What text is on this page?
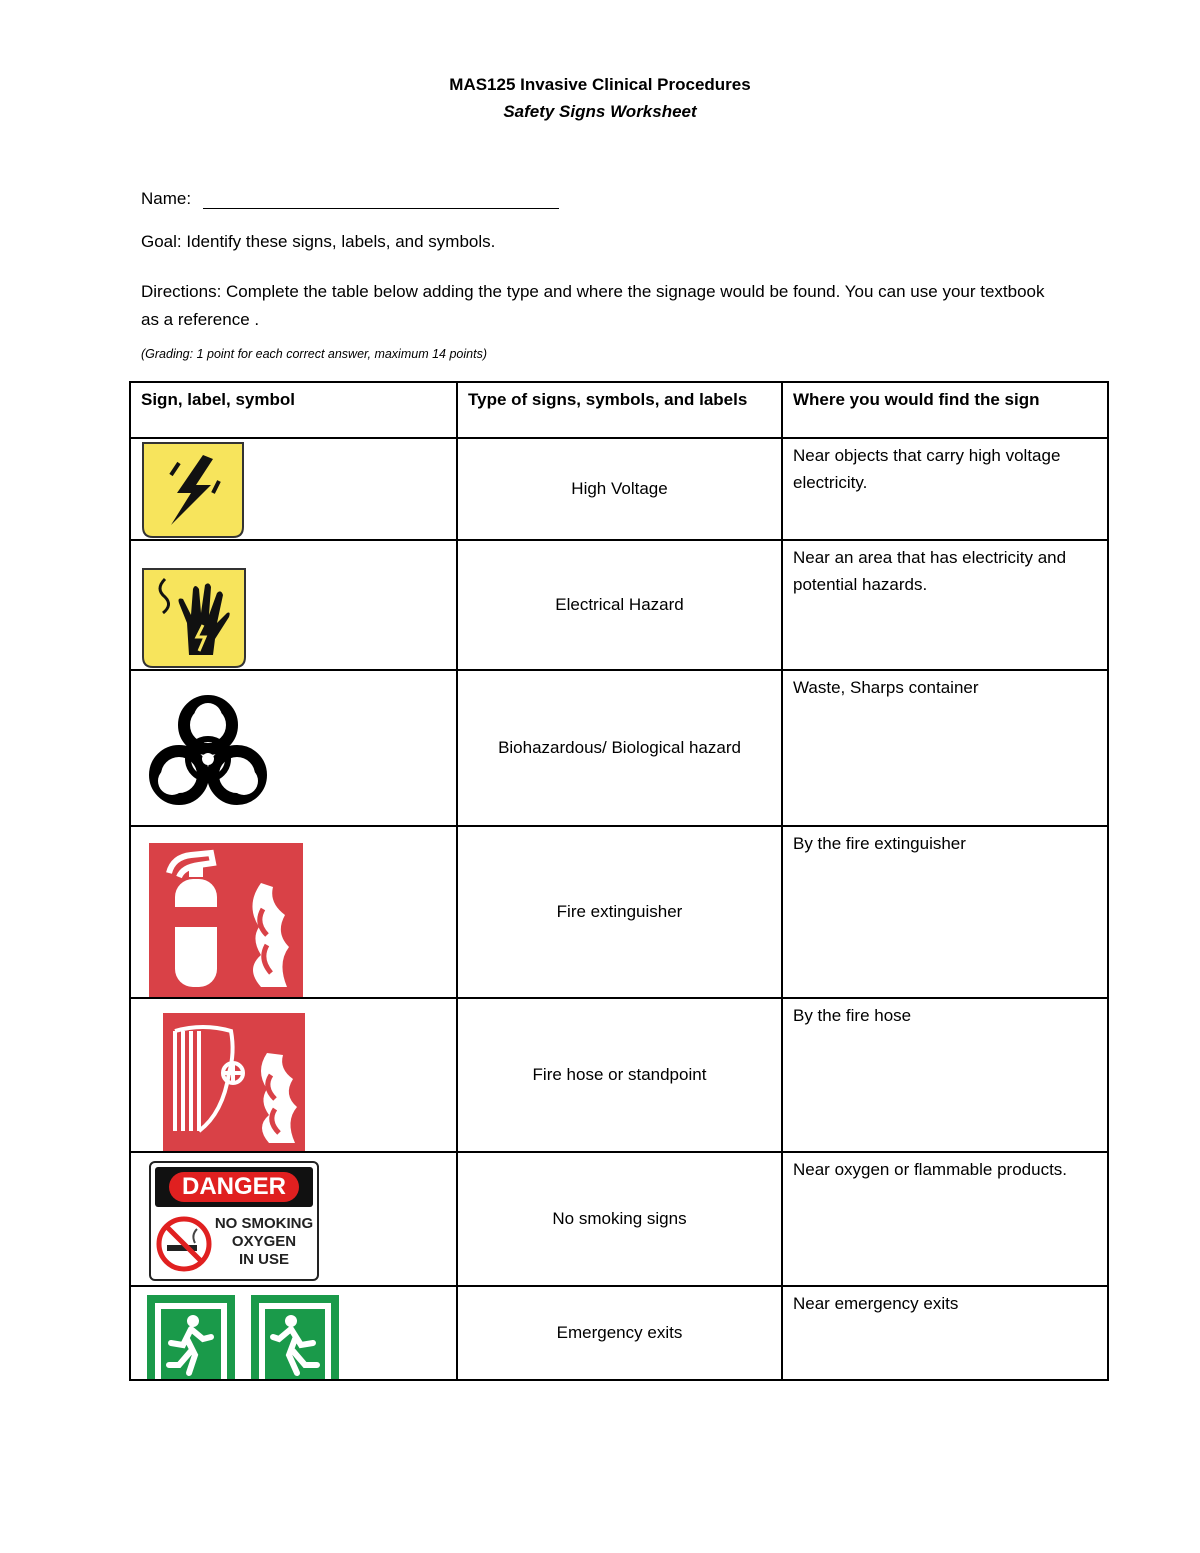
MAS125 Invasive Clinical Procedures
Safety Signs Worksheet
Name:
Goal: Identify these signs, labels, and symbols.
Directions: Complete the table below adding the type and where the signage would be found. You can use your textbook as a reference .
(Grading: 1 point for each correct answer, maximum 14 points)
Sign, label, symbol	Type of signs, symbols, and labels	Where you would find the sign

	High Voltage	Near objects that carry high voltage electricity.

	Electrical Hazard	Near an area that has electricity and potential hazards.

	Biohazardous/ Biological hazard	Waste, Sharps container

	Fire extinguisher	By the fire extinguisher

	Fire hose or standpoint	By the fire hose

DANGER
NO SMOKING
OXYGEN
IN USE	No smoking signs	Near oxygen or flammable products.

	Emergency exits	Near emergency exits
